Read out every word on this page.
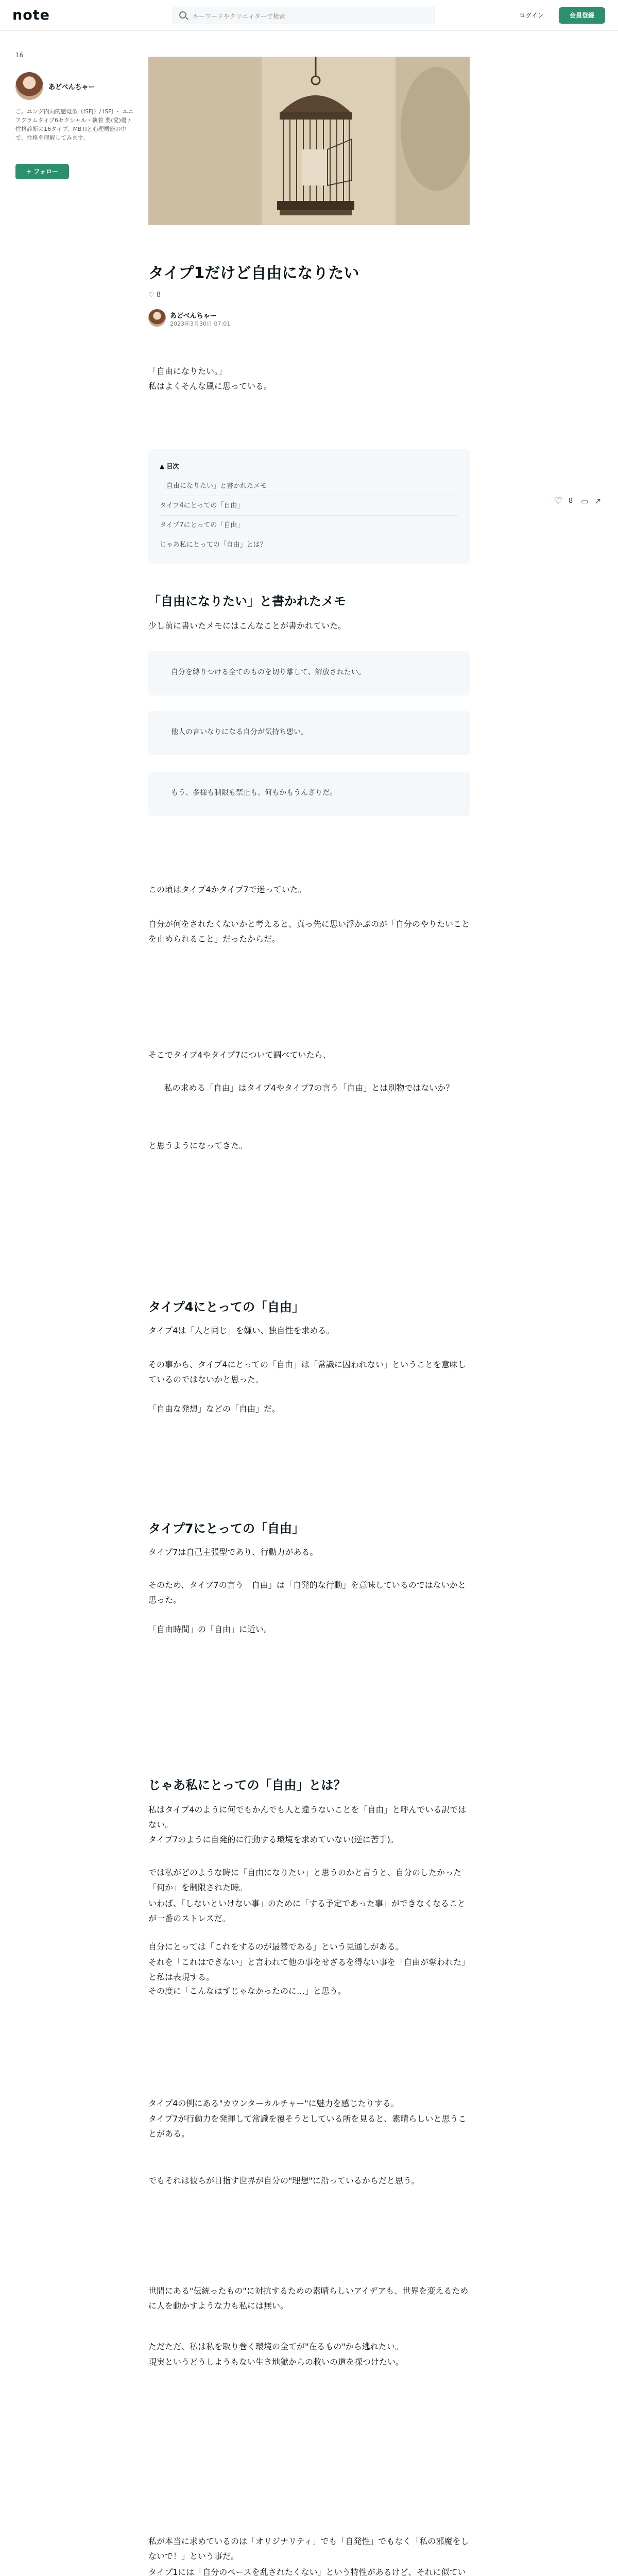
note	キーワードやクリエイターで検索	ログイン	会員登録
16
あどべんちゃー
ご。ユング内向的感覚型（ISFJ）/ ISFJ ・ エニアグラムタイプ6セクシャル・執着 要(愛)優 / 性格診断の16タイプ。MBTIと心理機能の中で、性格を理解してみます。
+ フォロー
タイプ1だけど自由になりたい
♡ 8
あどべんちゃー
2023年3月30日 07:01

「自由になりたい。」

私はよくそんな風に思っている。

▲ 目次
「自由になりたい」と書かれたメモ
タイプ4にとっての「自由」
タイプ7にとっての「自由」
じゃあ私にとっての「自由」とは？
♡ 8 ▭ ↗
「自由になりたい」と書かれたメモ

少し前に書いたメモにはこんなことが書かれていた。

自分を縛りつける全てのものを切り離して、解放されたい。
他人の言いなりになる自分が気持ち悪い。
もう、多様も制限も禁止も、何もかもうんざりだ。

この頃はタイプ4かタイプ7で迷っていた。

自分が何をされたくないかと考えると、真っ先に思い浮かぶのが「自分のやりたいことを止められること」だったからだ。

そこでタイプ4やタイプ7について調べていたら、

私の求める「自由」はタイプ4やタイプ7の言う「自由」とは別物ではないか？

と思うようになってきた。

タイプ4にとっての「自由」

タイプ4は「人と同じ」を嫌い、独自性を求める。

その事から、タイプ4にとっての「自由」は「常識に囚われない」ということを意味しているのではないかと思った。

「自由な発想」などの「自由」だ。

タイプ7にとっての「自由」

タイプ7は自己主張型であり、行動力がある。

そのため、タイプ7の言う「自由」は「自発的な行動」を意味しているのではないかと思った。

「自由時間」の「自由」に近い。

じゃあ私にとっての「自由」とは？

私はタイプ4のように何でもかんでも人と違うないことを「自由」と呼んでいる訳ではない。

タイプ7のように自発的に行動する環境を求めていない(逆に苦手)。

では私がどのような時に「自由になりたい」と思うのかと言うと、自分のしたかった「何か」を制限された時。

いわば、「しないといけない事」のために「する予定であった事」ができなくなることが一番のストレスだ。

自分にとっては「これをするのが最善である」という見通しがある。

それを「これはできない」と言われて他の事をせざるを得ない事を「自由が奪われた」と私は表現する。

その度に「こんなはずじゃなかったのに…」と思う。

タイプ4の例にある"カウンターカルチャー"に魅力を感じたりする。

タイプ7が行動力を発揮して常識を覆そうとしている所を見ると、素晴らしいと思うことがある。

でもそれは彼らが目指す世界が自分の"理想"に沿っているからだと思う。

世間にある"伝統ったもの"に対抗するための素晴らしいアイデアも、世界を変えるために人を動かすような力も私には無い。

ただただ、私は私を取り巻く環境の全てが"在るもの"から逃れたい。

現実というどうしようもない生き地獄からの救いの道を探つけたい。

私が本当に求めているのは「オリジナリティ」でも「自発性」でもなく「私の邪魔をしないで！」という事だ。

タイプ1には「自分のペースを乱されたくない」という特性があるけど、それに似てい
